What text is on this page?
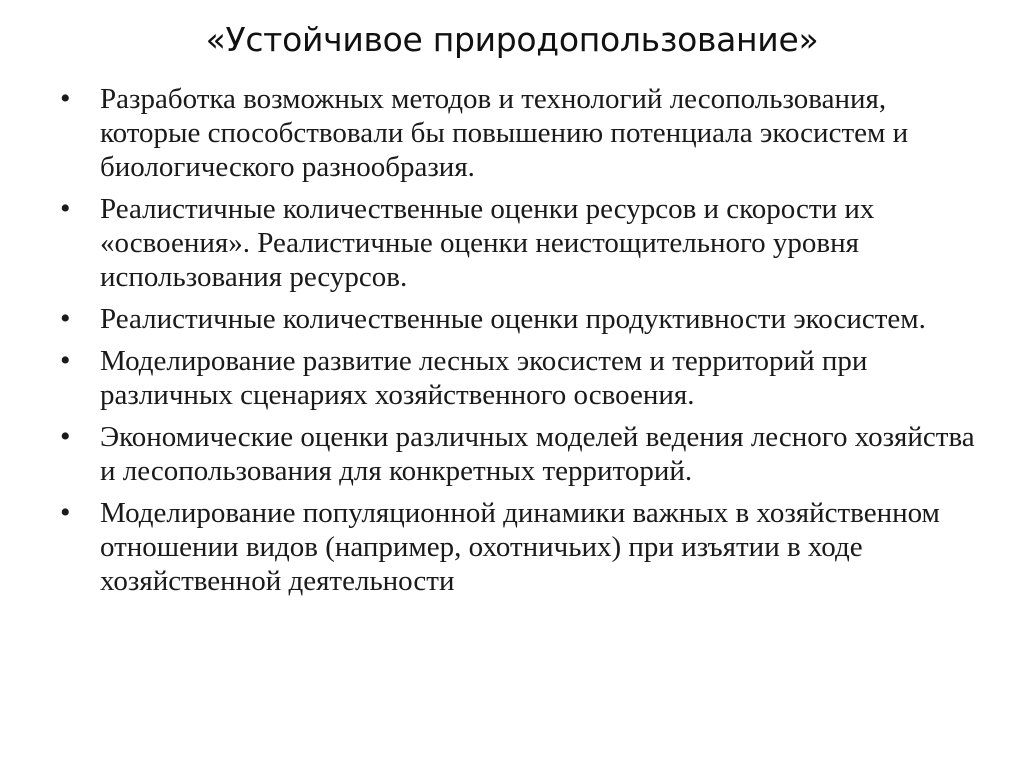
«Устойчивое природопользование»
• Разработка возможных методов и технологий лесопользования, которые способствовали бы повышению потенциала экосистем и биологического разнообразия.
• Реалистичные количественные оценки ресурсов и скорости их «освоения». Реалистичные оценки неистощительного уровня использования ресурсов.
• Реалистичные количественные оценки продуктивности экосистем.
• Моделирование развитие лесных экосистем и территорий при различных сценариях хозяйственного освоения.
• Экономические оценки различных моделей ведения лесного хозяйства и лесопользования для конкретных территорий.
• Моделирование популяционной динамики важных в хозяйственном отношении видов (например, охотничьих) при изъятии в ходе хозяйственной деятельности
